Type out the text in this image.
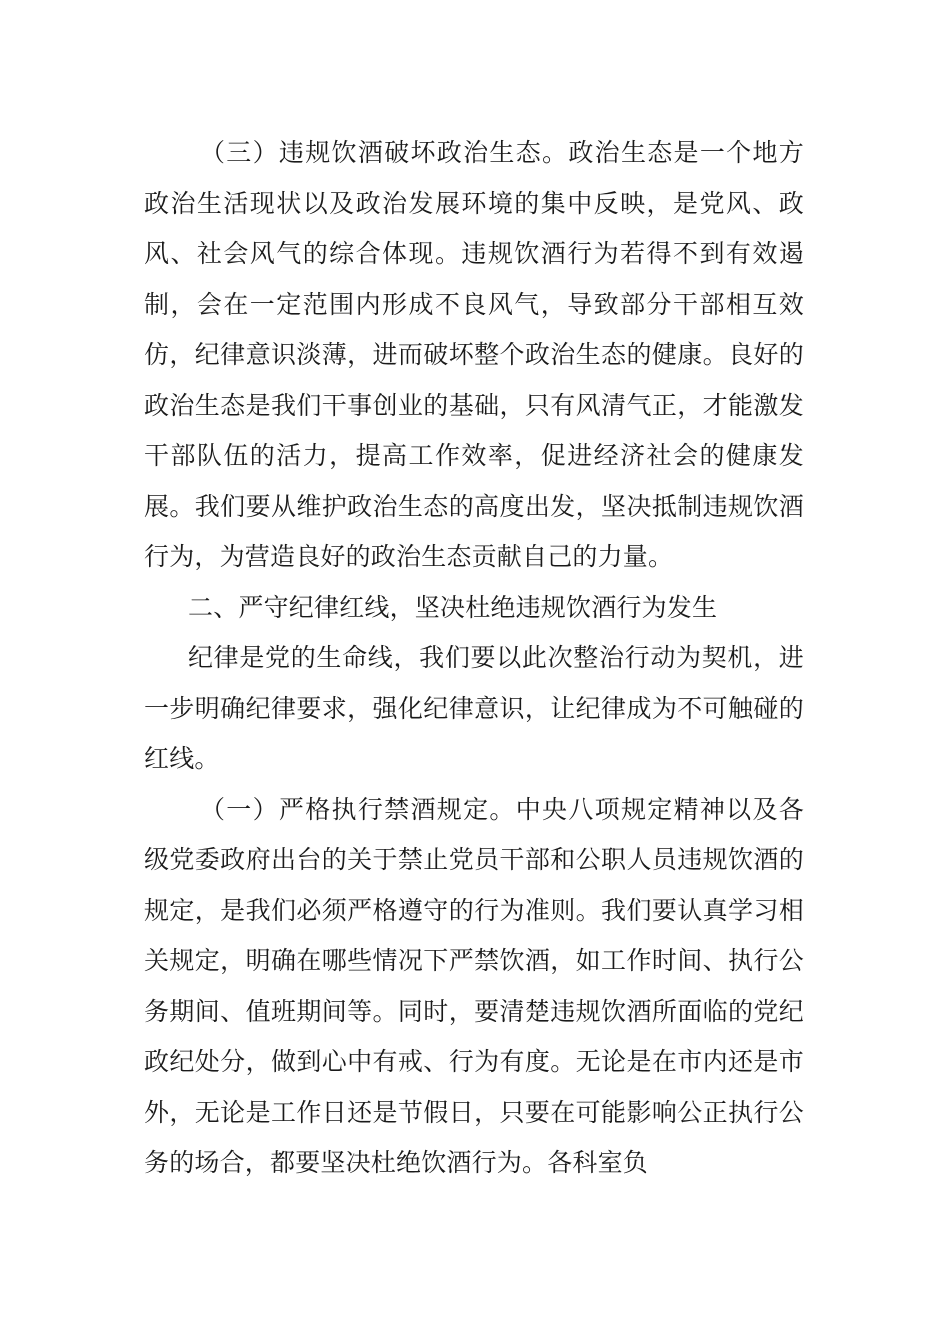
（三）违规饮酒破坏政治生态。政治生态是一个地方政治生活现状以及政治发展环境的集中反映，是党风、政风、社会风气的综合体现。违规饮酒行为若得不到有效遏制，会在一定范围内形成不良风气，导致部分干部相互效仿，纪律意识淡薄，进而破坏整个政治生态的健康。良好的政治生态是我们干事创业的基础，只有风清气正，才能激发干部队伍的活力，提高工作效率，促进经济社会的健康发展。我们要从维护政治生态的高度出发，坚决抵制违规饮酒行为，为营造良好的政治生态贡献自己的力量。

二、严守纪律红线，坚决杜绝违规饮酒行为发生

纪律是党的生命线，我们要以此次整治行动为契机，进一步明确纪律要求，强化纪律意识，让纪律成为不可触碰的红线。

（一）严格执行禁酒规定。中央八项规定精神以及各级党委政府出台的关于禁止党员干部和公职人员违规饮酒的规定，是我们必须严格遵守的行为准则。我们要认真学习相关规定，明确在哪些情况下严禁饮酒，如工作时间、执行公务期间、值班期间等。同时，要清楚违规饮酒所面临的党纪政纪处分，做到心中有戒、行为有度。无论是在市内还是市外，无论是工作日还是节假日，只要在可能影响公正执行公务的场合，都要坚决杜绝饮酒行为。各科室负
